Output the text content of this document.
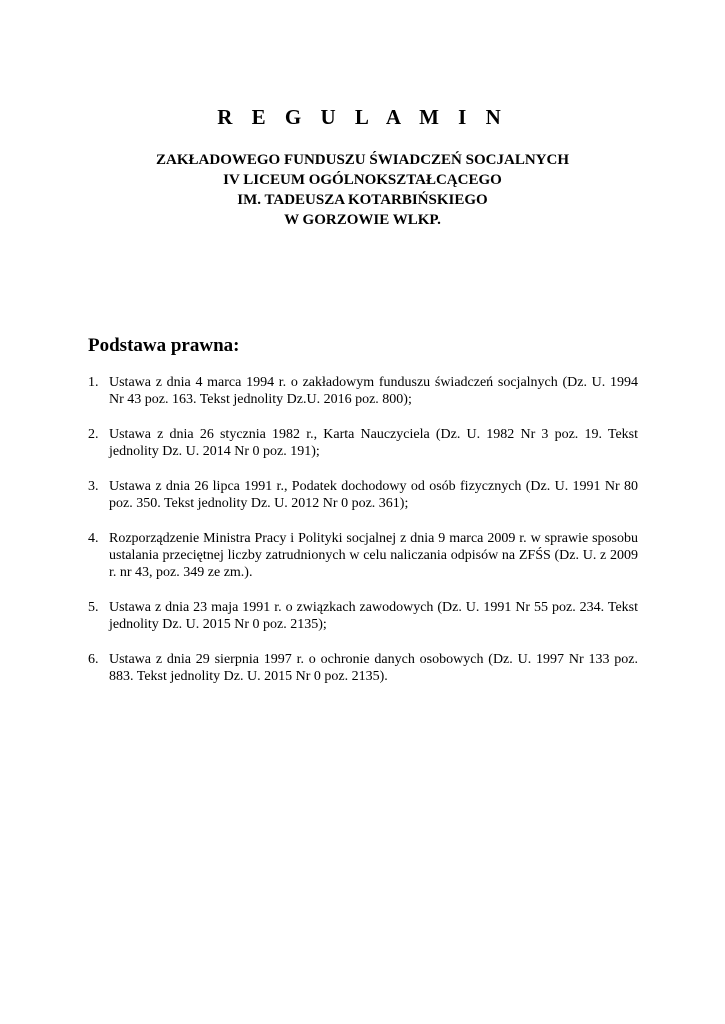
R E G U L A M I N
ZAKŁADOWEGO FUNDUSZU ŚWIADCZEŃ SOCJALNYCH
IV LICEUM OGÓLNOKSZTAŁCĄCEGO
IM. TADEUSZA KOTARBIŃSKIEGO
W GORZOWIE WLKP.
Podstawa prawna:
1. Ustawa z dnia 4 marca 1994 r. o zakładowym funduszu świadczeń socjalnych (Dz. U. 1994 Nr 43 poz. 163. Tekst jednolity Dz.U. 2016 poz. 800);
2. Ustawa z dnia 26 stycznia 1982 r., Karta Nauczyciela (Dz. U. 1982 Nr 3 poz. 19. Tekst jednolity Dz. U. 2014 Nr 0 poz. 191);
3. Ustawa z dnia 26 lipca 1991 r., Podatek dochodowy od osób fizycznych (Dz. U. 1991 Nr 80 poz. 350. Tekst jednolity Dz. U. 2012 Nr 0 poz. 361);
4. Rozporządzenie Ministra Pracy i Polityki socjalnej z dnia 9 marca 2009 r. w sprawie sposobu ustalania przeciętnej liczby zatrudnionych w celu naliczania odpisów na ZFŚS (Dz. U. z 2009 r. nr 43, poz. 349 ze zm.).
5. Ustawa z dnia 23 maja 1991 r. o związkach zawodowych (Dz. U. 1991 Nr 55 poz. 234. Tekst jednolity Dz. U. 2015 Nr 0 poz. 2135);
6. Ustawa z dnia 29 sierpnia 1997 r. o ochronie danych osobowych (Dz. U. 1997 Nr 133 poz. 883. Tekst jednolity Dz. U. 2015 Nr 0 poz. 2135).
